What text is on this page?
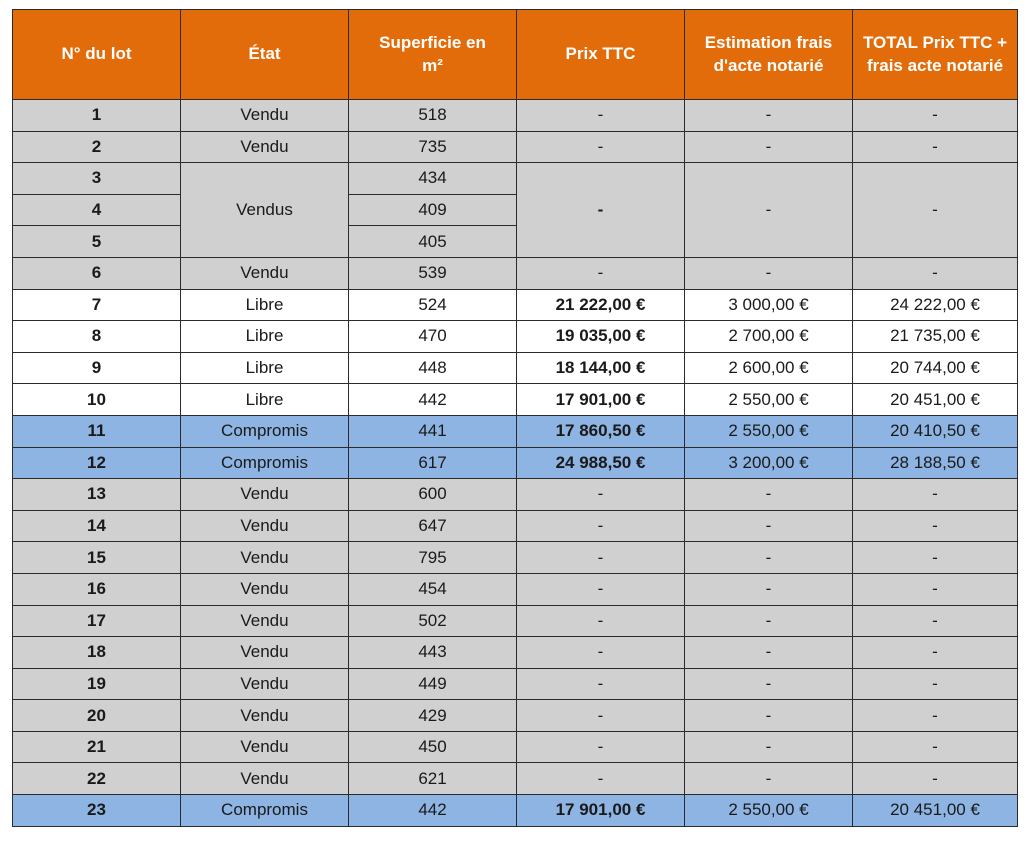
N° du lot	État	Superficie en m²	Prix TTC	Estimation frais d'acte notarié	TOTAL Prix TTC + frais acte notarié
1	Vendu	518	-	-	-
2	Vendu	735	-	-	-
3	Vendus	434	-	-	-
4		409			
5		405			
6	Vendu	539	-	-	-
7	Libre	524	21 222,00 €	3 000,00 €	24 222,00 €
8	Libre	470	19 035,00 €	2 700,00 €	21 735,00 €
9	Libre	448	18 144,00 €	2 600,00 €	20 744,00 €
10	Libre	442	17 901,00 €	2 550,00 €	20 451,00 €
11	Compromis	441	17 860,50 €	2 550,00 €	20 410,50 €
12	Compromis	617	24 988,50 €	3 200,00 €	28 188,50 €
13	Vendu	600	-	-	-
14	Vendu	647	-	-	-
15	Vendu	795	-	-	-
16	Vendu	454	-	-	-
17	Vendu	502	-	-	-
18	Vendu	443	-	-	-
19	Vendu	449	-	-	-
20	Vendu	429	-	-	-
21	Vendu	450	-	-	-
22	Vendu	621	-	-	-
23	Compromis	442	17 901,00 €	2 550,00 €	20 451,00 €
